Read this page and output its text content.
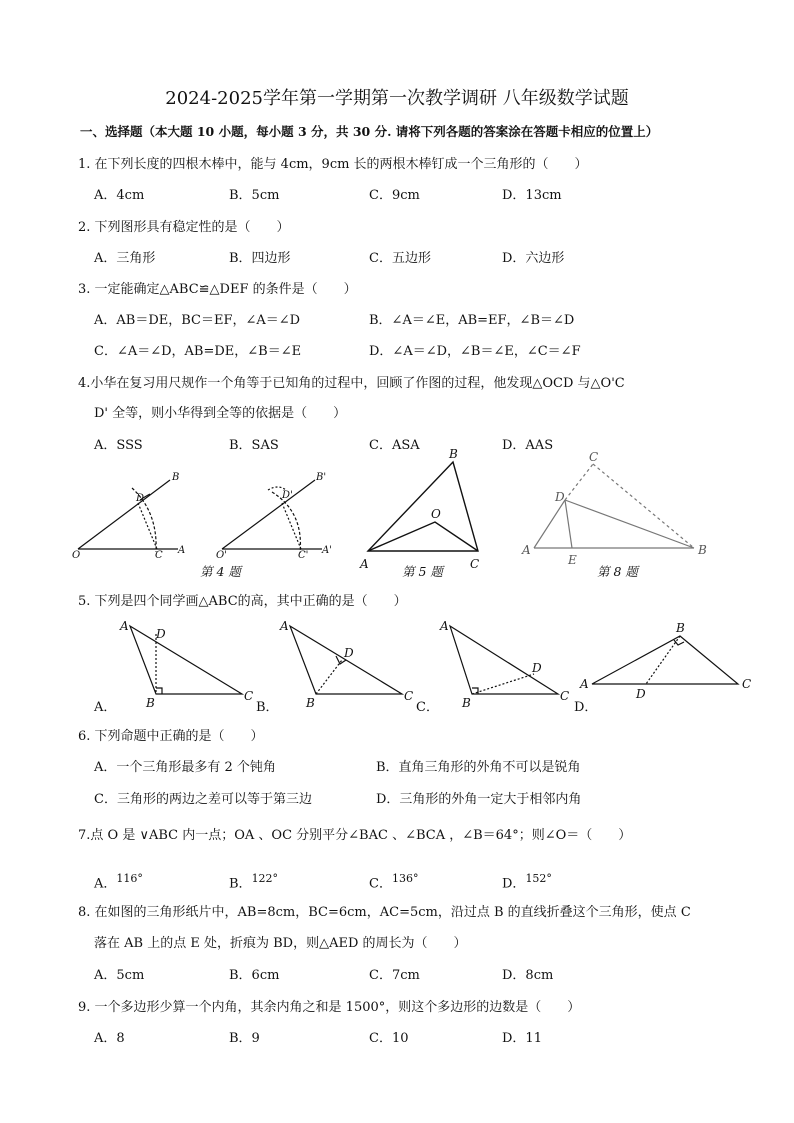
2024-2025学年第一学期第一次教学调研 八年级数学试题
一、选择题（本大题 10 小题，每小题 3 分，共 30 分. 请将下列各题的答案涂在答题卡相应的位置上）
1. 在下列长度的四根木棒中，能与 4cm，9cm 长的两根木棒钉成一个三角形的（　　）
A．4cm	B．5cm	C．9cm	D．13cm
2. 下列图形具有稳定性的是（　　）
A．三角形	B．四边形	C．五边形	D．六边形
3. 一定能确定△ABC≌△DEF 的条件是（　　）
A．AB＝DE，BC＝EF，∠A＝∠D	B．∠A＝∠E，AB=EF，∠B＝∠D
C．∠A＝∠D，AB=DE，∠B＝∠E	D．∠A＝∠D，∠B＝∠E，∠C＝∠F
4.小华在复习用尺规作一个角等于已知角的过程中，回顾了作图的过程，他发现△OCD 与△O'C
D' 全等，则小华得到全等的依据是（　　）
A．SSS	B．SAS	C．ASA	D．AAS
B
D
O	C A
B'
D'
O'	C' A'
第 4 题
B
O
A	C
第 5 题
C
D
A
E
B
第 8 题
5. 下列是四个同学画△ABC的高，其中正确的是（　　）
A
D
B	C
A
D
B	C
A
D
B	C
B
A
D
C
A．	B．	C．	D．
6. 下列命题中正确的是（　　）
A．一个三角形最多有 2 个钝角	B．直角三角形的外角不可以是锐角
C．三角形的两边之差可以等于第三边	D．三角形的外角一定大于相邻内角
7.点 O 是 ∨ABC 内一点；OA 、OC 分别平分∠BAC 、∠BCA ，∠B＝64°；则∠O＝（　　）
A．$^{116^\circ}$	B．$^{122^\circ}$	C．$^{136^\circ}$	D．$^{152^\circ}$
8. 在如图的三角形纸片中，AB=8cm，BC=6cm，AC=5cm，沿过点 B 的直线折叠这个三角形，使点 C
落在 AB 上的点 E 处，折痕为 BD，则△AED 的周长为（　　）
A．5cm	B．6cm	C．7cm	D．8cm
9. 一个多边形少算一个内角，其余内角之和是 1500°，则这个多边形的边数是（　　）
A．8	B．9	C．10	D．11
